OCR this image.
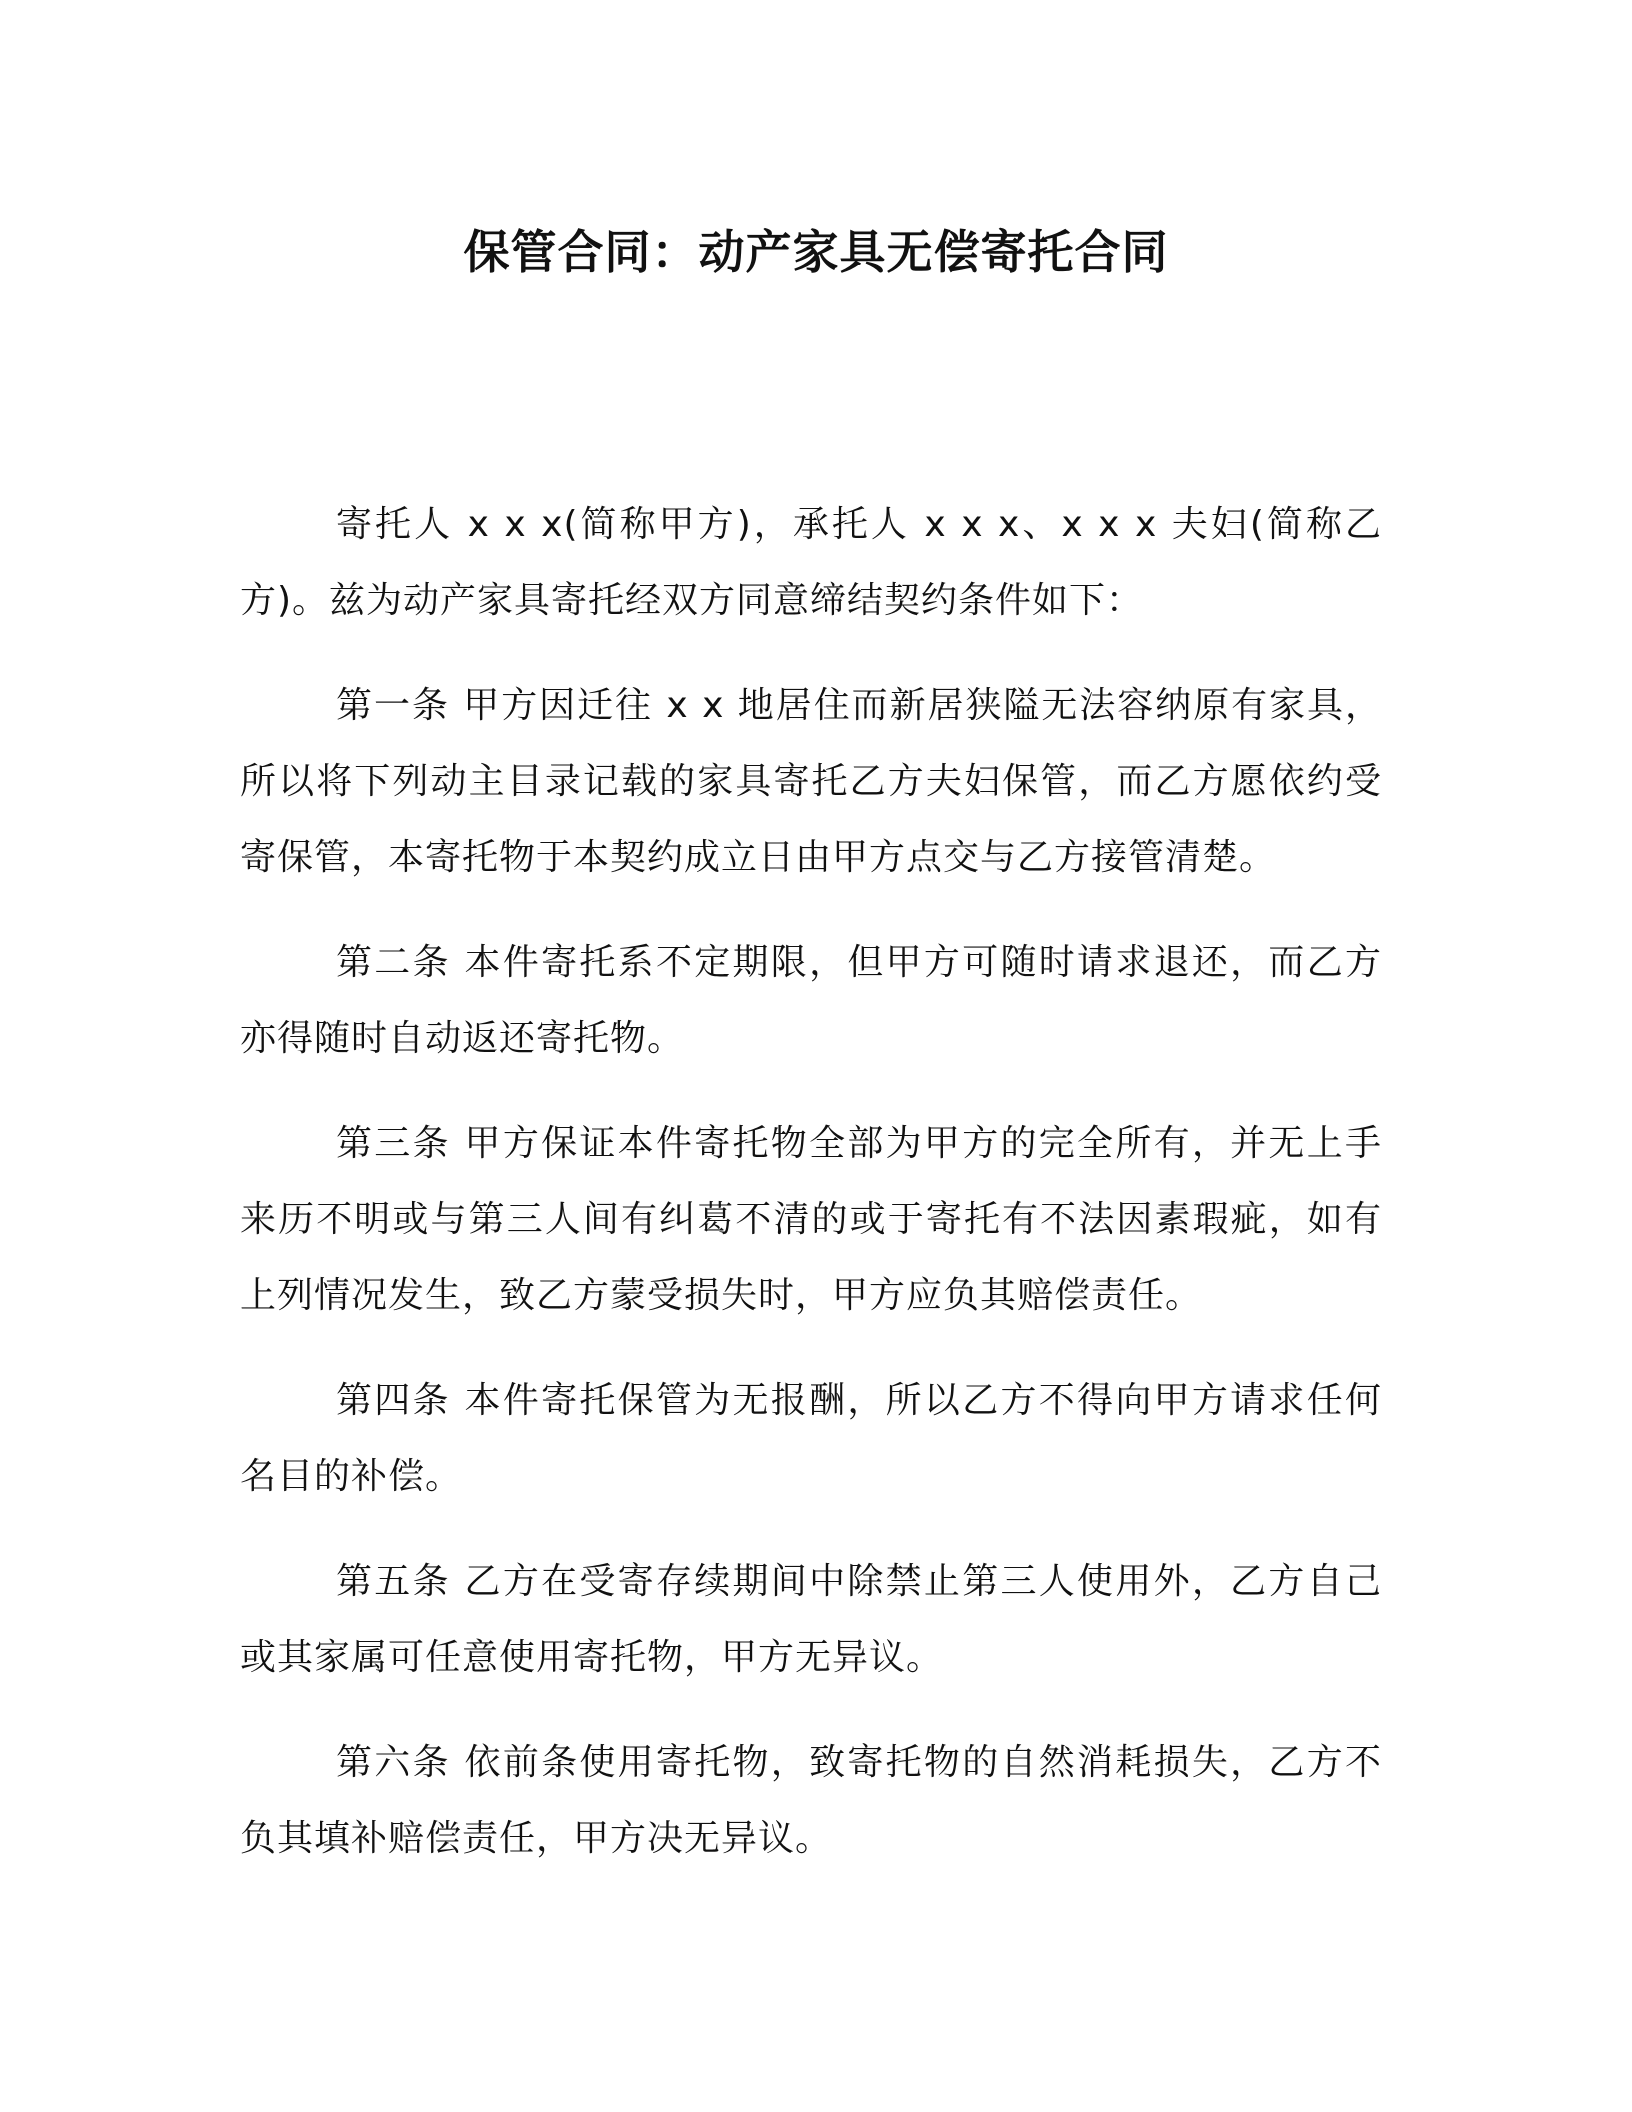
保管合同：动产家具无偿寄托合同

寄托人 x x x(简称甲方)，承托人 x x x、x x x 夫妇(简称乙方)。兹为动产家具寄托经双方同意缔结契约条件如下：

第一条 甲方因迁往 x x 地居住而新居狭隘无法容纳原有家具，所以将下列动主目录记载的家具寄托乙方夫妇保管，而乙方愿依约受寄保管，本寄托物于本契约成立日由甲方点交与乙方接管清楚。

第二条 本件寄托系不定期限，但甲方可随时请求退还，而乙方亦得随时自动返还寄托物。

第三条 甲方保证本件寄托物全部为甲方的完全所有，并无上手来历不明或与第三人间有纠葛不清的或于寄托有不法因素瑕疵，如有上列情况发生，致乙方蒙受损失时，甲方应负其赔偿责任。

第四条 本件寄托保管为无报酬，所以乙方不得向甲方请求任何名目的补偿。

第五条 乙方在受寄存续期间中除禁止第三人使用外，乙方自己或其家属可任意使用寄托物，甲方无异议。

第六条 依前条使用寄托物，致寄托物的自然消耗损失，乙方不负其填补赔偿责任，甲方决无异议。
